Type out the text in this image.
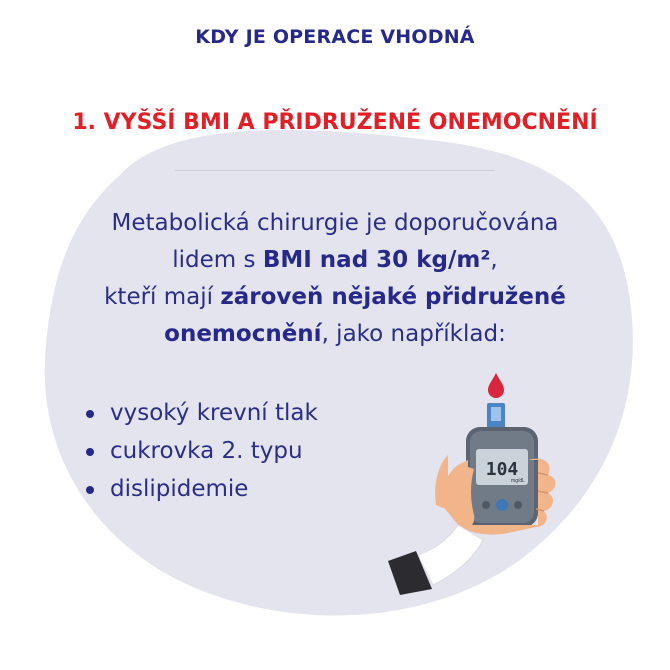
KDY JE OPERACE VHODNÁ
1. VYŠŠÍ BMI A PŘIDRUŽENÉ ONEMOCNĚNÍ
Metabolická chirurgie je doporučována
lidem s BMI nad 30 kg/m²,
kteří mají zároveň nějaké přidružené
onemocnění, jako například:
vysoký krevní tlak
cukrovka 2. typu
dislipidemie
104
mg/dL
